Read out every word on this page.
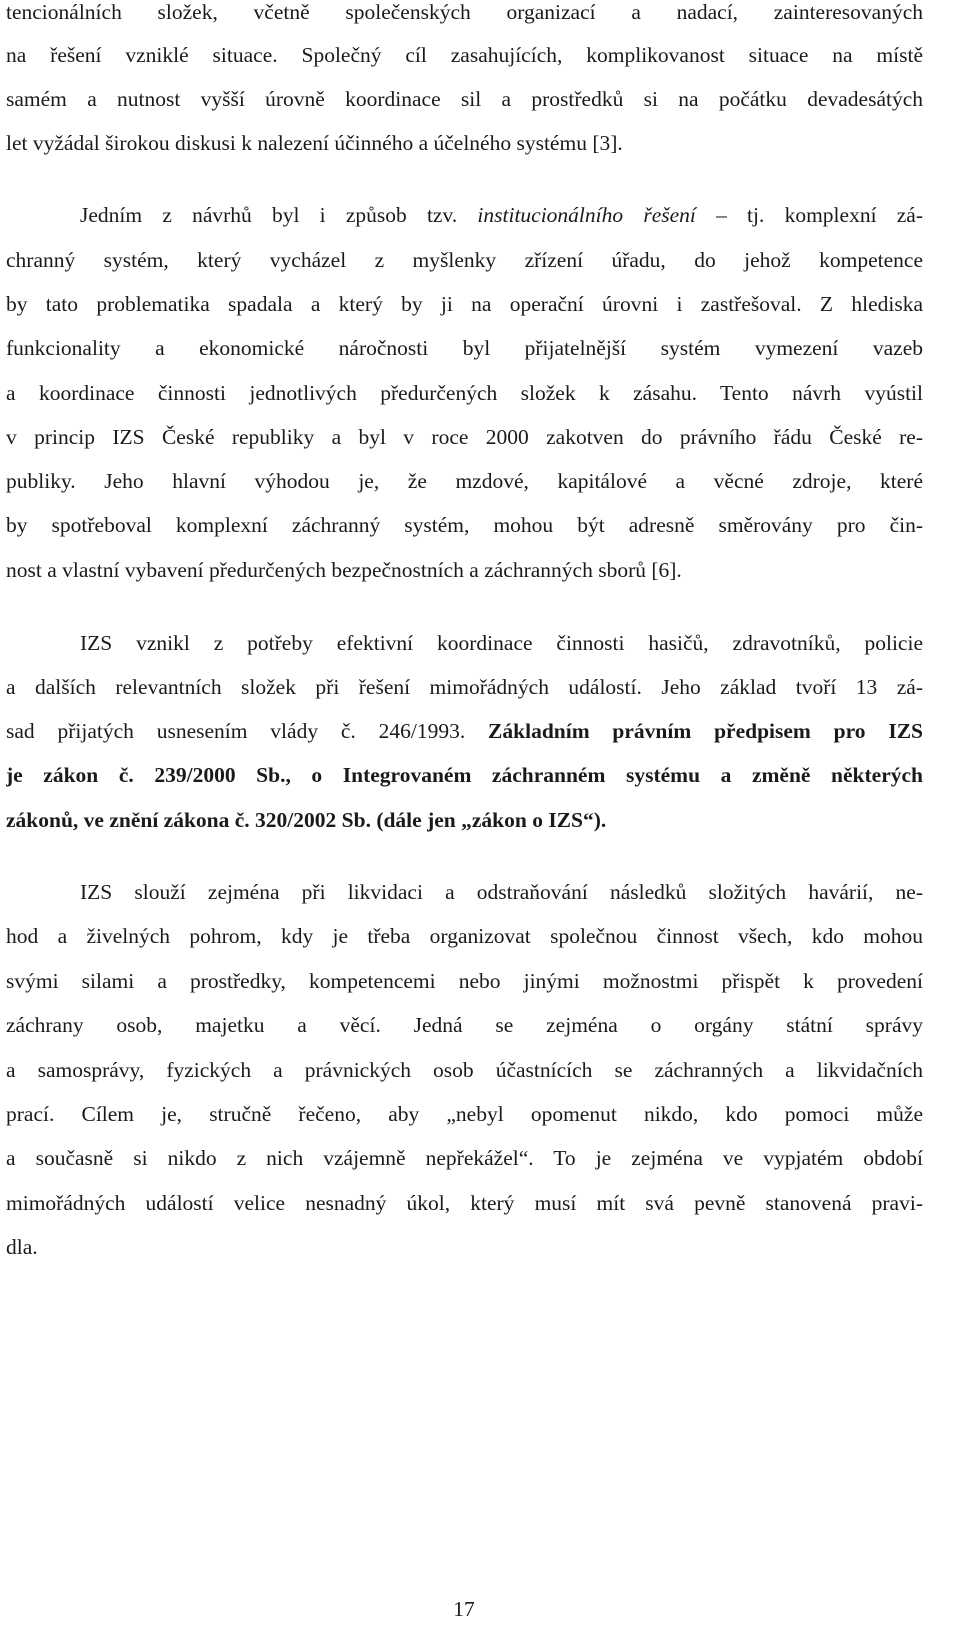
tencionálních složek, včetně společenských organizací a nadací, zainteresovaných
na řešení vzniklé situace. Společný cíl zasahujících, komplikovanost situace na místě
samém a nutnost vyšší úrovně koordinace sil a prostředků si na počátku devadesátých
let vyžádal širokou diskusi k nalezení účinného a účelného systému [3].
Jedním z návrhů byl i způsob tzv. institucionálního řešení – tj. komplexní zá-
chranný systém, který vycházel z myšlenky zřízení úřadu, do jehož kompetence
by tato problematika spadala a který by ji na operační úrovni i zastřešoval. Z hlediska
funkcionality a ekonomické náročnosti byl přijatelnější systém vymezení vazeb
a koordinace činnosti jednotlivých předurčených složek k zásahu. Tento návrh vyústil
v princip IZS České republiky a byl v roce 2000 zakotven do právního řádu České re-
publiky. Jeho hlavní výhodou je, že mzdové, kapitálové a věcné zdroje, které
by spotřeboval komplexní záchranný systém, mohou být adresně směrovány pro čin-
nost a vlastní vybavení předurčených bezpečnostních a záchranných sborů [6].
IZS vznikl z potřeby efektivní koordinace činnosti hasičů, zdravotníků, policie
a dalších relevantních složek při řešení mimořádných událostí. Jeho základ tvoří 13 zá-
sad přijatých usnesením vlády č. 246/1993. Základním právním předpisem pro IZS
je zákon č. 239/2000 Sb., o Integrovaném záchranném systému a změně některých
zákonů, ve znění zákona č. 320/2002 Sb. (dále jen „zákon o IZS“).
IZS slouží zejména při likvidaci a odstraňování následků složitých havárií, ne-
hod a živelných pohrom, kdy je třeba organizovat společnou činnost všech, kdo mohou
svými silami a prostředky, kompetencemi nebo jinými možnostmi přispět k provedení
záchrany osob, majetku a věcí. Jedná se zejména o orgány státní správy
a samosprávy, fyzických a právnických osob účastnících se záchranných a likvidačních
prací. Cílem je, stručně řečeno, aby „nebyl opomenut nikdo, kdo pomoci může
a současně si nikdo z nich vzájemně nepřekážel“. To je zejména ve vypjatém období
mimořádných událostí velice nesnadný úkol, který musí mít svá pevně stanovená pravi-
dla.
17
